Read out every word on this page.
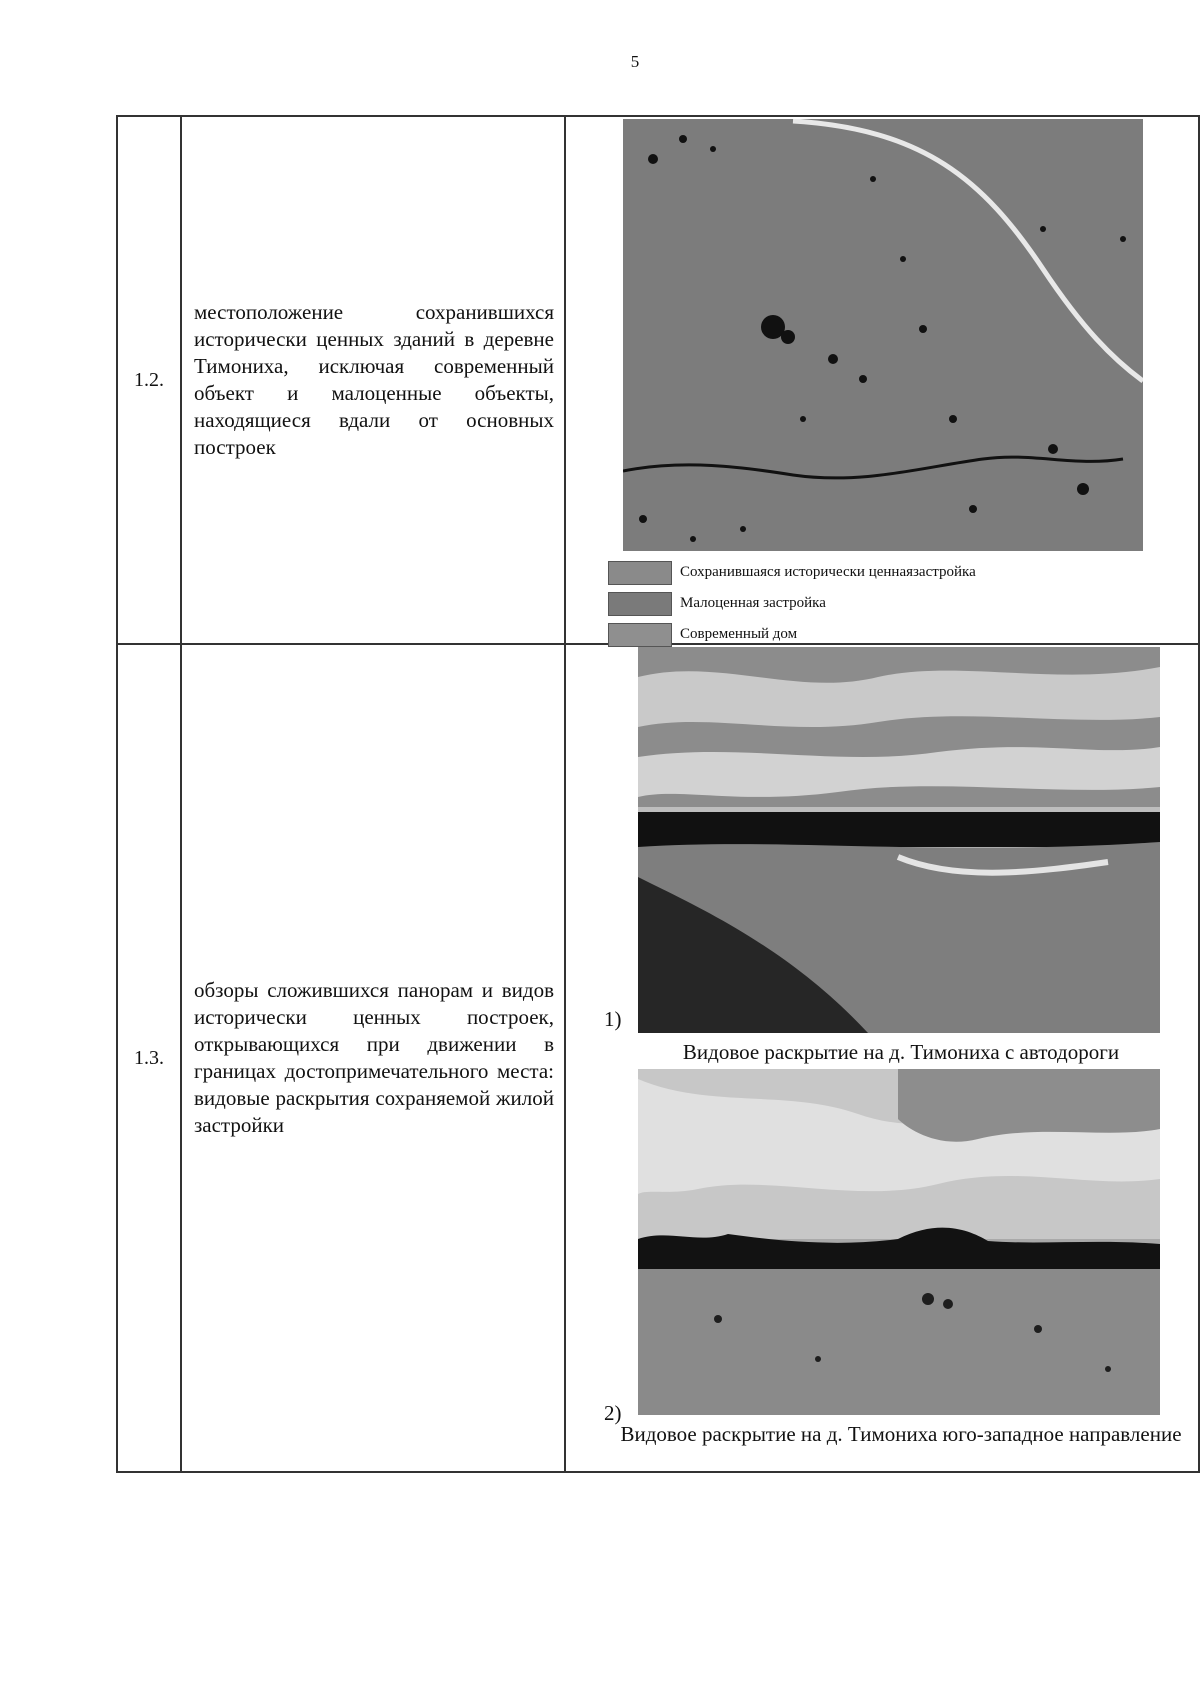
5
1.2.	местоположение сохранившихся исторически ценных зданий в деревне Тимониха, исключая современный объект и малоценные объекты, находящиеся вдали от основных построек	Сохранившаяся исторически ценнаязастройка
Малоценная застройка
Современный дом

1.3.	обзоры сложившихся панорам и видов исторически ценных построек, открывающихся при движении в границах достопримечательного места: видовые раскрытия сохраняемой жилой застройки	1)
Видовое раскрытие на д. Тимониха с автодороги
2)
Видовое раскрытие на д. Тимониха юго-западное направление
